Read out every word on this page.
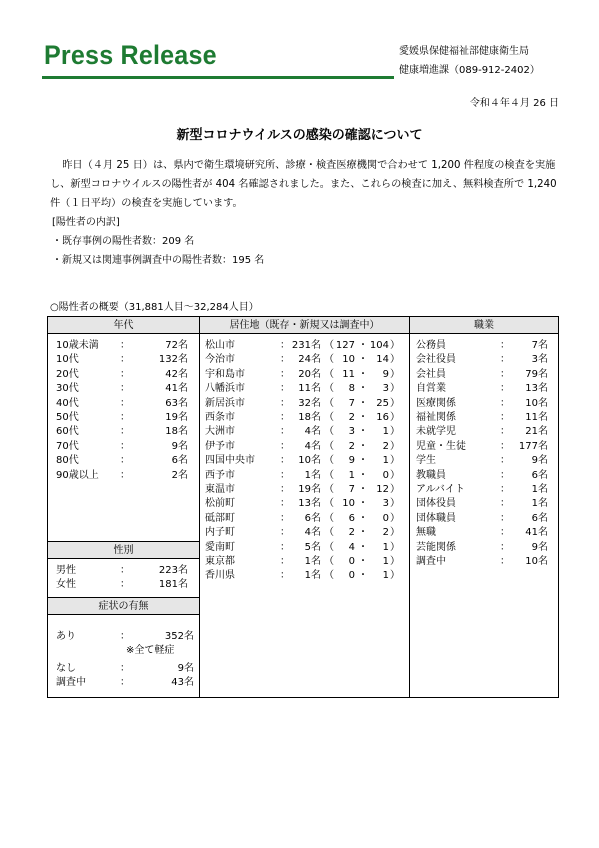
Press Release	愛媛県保健福祉部健康衛生局
健康増進課（089-912-2402）
令和４年４月 26 日
新型コロナウイルスの感染の確認について
昨日（４月 25 日）は、県内で衛生環境研究所、診療・検査医療機関で合わせて 1,200 件程度の検査を実施し、新型コロナウイルスの陽性者が 404 名確認されました。また、これらの検査に加え、無料検査所で 1,240 件（１日平均）の検査を実施しています。
[陽性者の内訳]
・既存事例の陽性者数：209 名
・新規又は関連事例調査中の陽性者数：195 名
○陽性者の概要（31,881人目～32,284人目）
年代	居住地（既存・新規又は調査中）	職業
10歳未満 ：	72名
10代	：	132名
20代	：	42名
30代	：	41名
40代	：	63名
50代	：	19名
60代	：	18名
70代	：	9名
80代	：	6名
90歳以上 ：	2名
性別
男性	：	223名
女性	：	181名
症状の有無
あり	：	352名
なし	：	9名
調査中	：	43名
※全て軽症
松山市	： 231名 （ 127 ・ 104 ）
今治市	： 24名 （ 10 ・ 14 ）
宇和島市	： 20名 （ 11 ・	9 ）
八幡浜市	： 11名 （	8 ・	3 ）
新居浜市	： 32名 （	7 ・ 25 ）
西条市	： 18名 （	2 ・ 16 ）
大洲市	：	4名 （	3 ・	1 ）
伊予市	：	4名 （	2 ・	2 ）
四国中央市	： 10名 （	9 ・	1 ）
西予市	：	1名 （	1 ・	0 ）
東温市	： 19名 （	7 ・ 12 ）
松前町	： 13名 （ 10 ・	3 ）
砥部町	：	6名 （	6 ・	0 ）
内子町	：	4名 （	2 ・	2 ）
愛南町	：	5名 （	4 ・	1 ）
東京都	：	1名 （	0 ・	1 ）
香川県	：	1名 （	0 ・	1 ）
公務員	： 7名
会社役員	： 3名
会社員	： 79名
自営業	： 13名
医療関係	： 10名
福祉関係	： 11名
未就学児	： 21名
児童・生徒	： 177名
学生	： 9名
教職員	： 6名
アルバイト	： 1名
団体役員	： 1名
団体職員	： 6名
無職	： 41名
芸能関係	： 9名
調査中	： 10名
